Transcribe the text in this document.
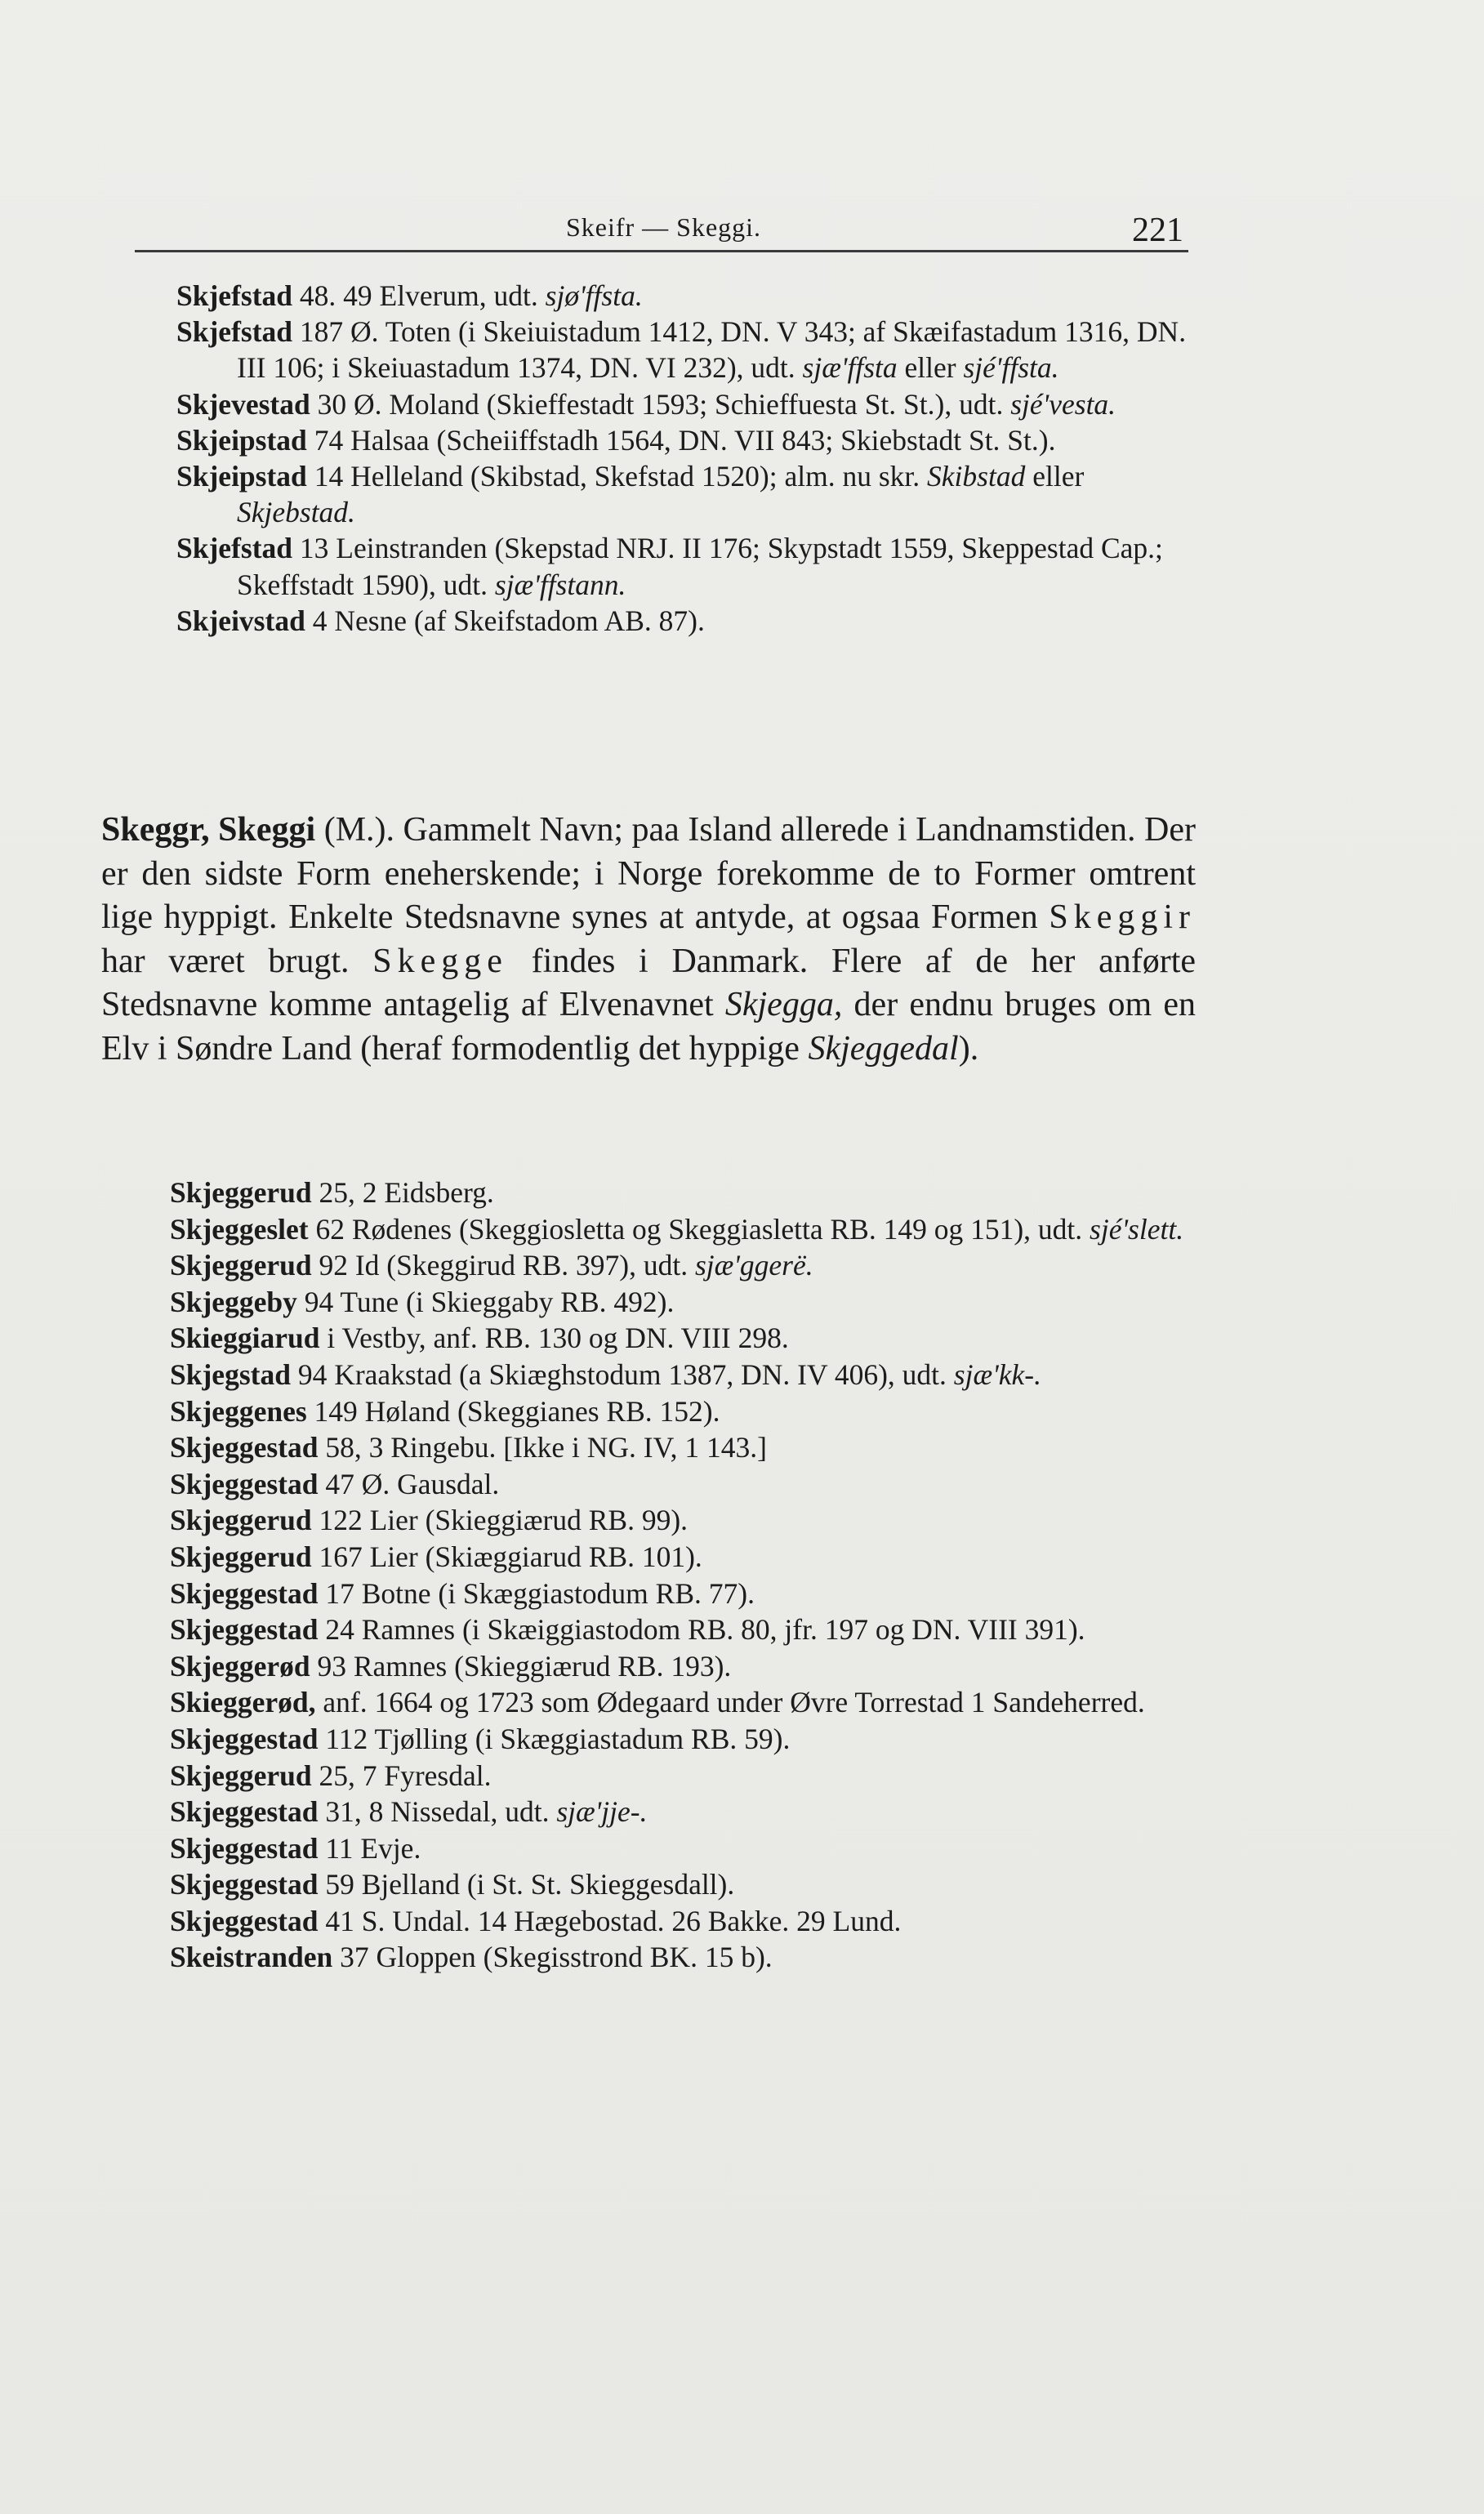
Skeifr — Skeggi.	221

Skjefstad 48. 49 Elverum, udt. sjø'ffsta.

Skjefstad 187 Ø. Toten (i Skeiuistadum 1412, DN. V 343; af Skæifastadum 1316, DN. III 106; i Skeiuastadum 1374, DN. VI 232), udt. sjæ'ffsta eller sjé'ffsta.

Skjevestad 30 Ø. Moland (Skieffestadt 1593; Schieffuesta St. St.), udt. sjé'vesta.

Skjeipstad 74 Halsaa (Scheiiffstadh 1564, DN. VII 843; Skiebstadt St. St.).

Skjeipstad 14 Helleland (Skibstad, Skefstad 1520); alm. nu skr. Skibstad eller Skjebstad.

Skjefstad 13 Leinstranden (Skepstad NRJ. II 176; Skypstadt 1559, Skeppestad Cap.; Skeffstadt 1590), udt. sjæ'ffstann.

Skjeivstad 4 Nesne (af Skeifstadom AB. 87).

Skeggr, Skeggi (M.). Gammelt Navn; paa Island allerede i Landnamstiden. Der er den sidste Form eneherskende; i Norge forekomme de to Former omtrent lige hyppigt. Enkelte Stedsnavne synes at antyde, at ogsaa Formen Skeggir har været brugt. Skegge findes i Danmark. Flere af de her anførte Stedsnavne komme antagelig af Elvenavnet Skjegga, der endnu bruges om en Elv i Søndre Land (heraf formodentlig det hyppige Skjeggedal).

Skjeggerud 25, 2 Eidsberg.

Skjeggeslet 62 Rødenes (Skeggiosletta og Skeggiasletta RB. 149 og 151), udt. sjé'slett.

Skjeggerud 92 Id (Skeggirud RB. 397), udt. sjæ'ggerë.

Skjeggeby 94 Tune (i Skieggaby RB. 492).

Skieggiarud i Vestby, anf. RB. 130 og DN. VIII 298.

Skjegstad 94 Kraakstad (a Skiæghstodum 1387, DN. IV 406), udt. sjæ'kk-.

Skjeggenes 149 Høland (Skeggianes RB. 152).

Skjeggestad 58, 3 Ringebu. [Ikke i NG. IV, 1 143.]

Skjeggestad 47 Ø. Gausdal.

Skjeggerud 122 Lier (Skieggiærud RB. 99).

Skjeggerud 167 Lier (Skiæggiarud RB. 101).

Skjeggestad 17 Botne (i Skæggiastodum RB. 77).

Skjeggestad 24 Ramnes (i Skæiggiastodom RB. 80, jfr. 197 og DN. VIII 391).

Skjeggerød 93 Ramnes (Skieggiærud RB. 193).

Skieggerød, anf. 1664 og 1723 som Ødegaard under Øvre Torrestad 1 Sandeherred.

Skjeggestad 112 Tjølling (i Skæggiastadum RB. 59).

Skjeggerud 25, 7 Fyresdal.

Skjeggestad 31, 8 Nissedal, udt. sjæ'jje-.

Skjeggestad 11 Evje.

Skjeggestad 59 Bjelland (i St. St. Skieggesdall).

Skjeggestad 41 S. Undal. 14 Hægebostad. 26 Bakke. 29 Lund.

Skeistranden 37 Gloppen (Skegisstrond BK. 15 b).
